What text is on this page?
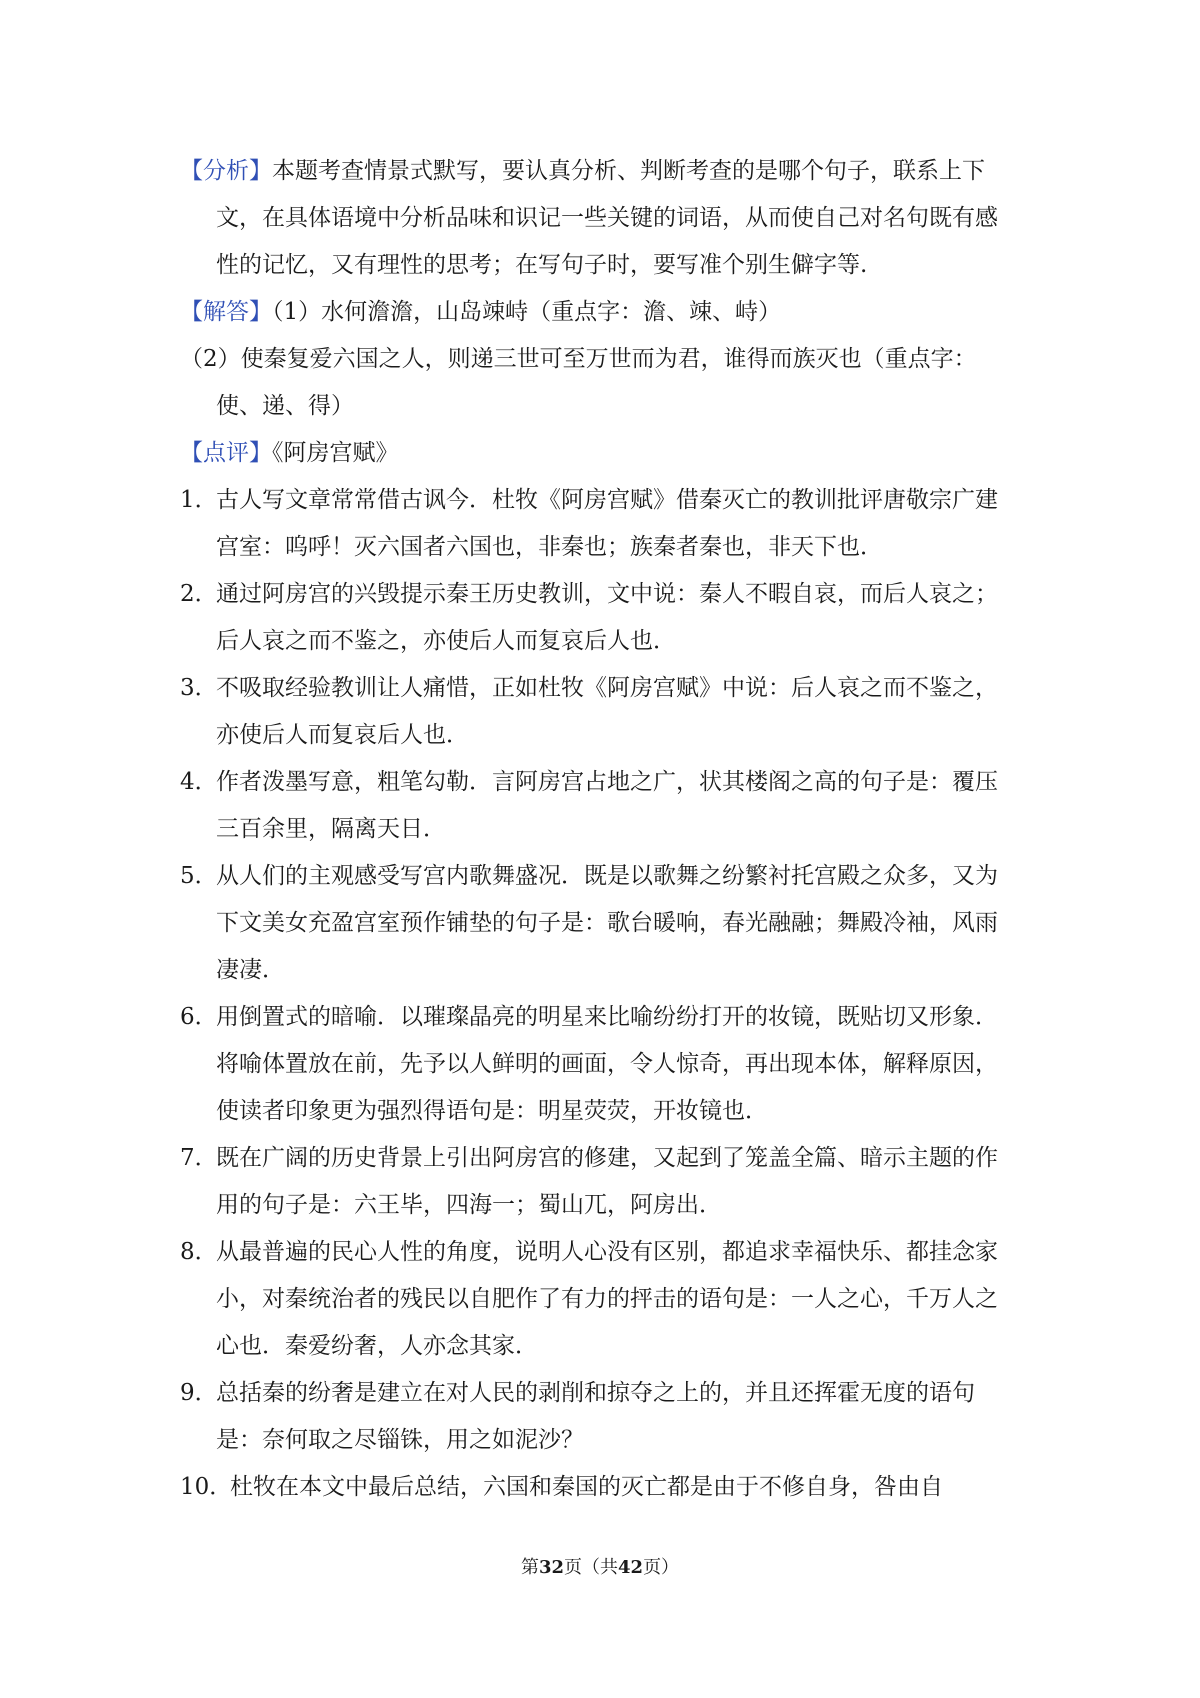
【分析】本题考查情景式默写，要认真分析、判断考查的是哪个句子，联系上下文，在具体语境中分析品味和识记一些关键的词语，从而使自己对名句既有感性的记忆，又有理性的思考；在写句子时，要写准个别生僻字等.

【解答】（1）水何澹澹，山岛竦峙（重点字：澹、竦、峙）

（2）使秦复爱六国之人，则递三世可至万世而为君，谁得而族灭也（重点字：使、递、得）

【点评】《阿房宫赋》

1．
古人写文章常常借古讽今．杜牧《阿房宫赋》借秦灭亡的教训批评唐敬宗广建宫室：呜呼！灭六国者六国也，非秦也；族秦者秦也，非天下也．
2．
通过阿房宫的兴毁提示秦王历史教训，文中说：秦人不暇自哀，而后人哀之；后人哀之而不鉴之，亦使后人而复哀后人也．
3．
不吸取经验教训让人痛惜，正如杜牧《阿房宫赋》中说：后人哀之而不鉴之，亦使后人而复哀后人也．
4．
作者泼墨写意，粗笔勾勒．言阿房宫占地之广，状其楼阁之高的句子是：覆压三百余里，隔离天日．
5．
从人们的主观感受写宫内歌舞盛况．既是以歌舞之纷繁衬托宫殿之众多，又为下文美女充盈宫室预作铺垫的句子是：歌台暖响，春光融融；舞殿冷袖，风雨凄凄．
6．
用倒置式的暗喻．以璀璨晶亮的明星来比喻纷纷打开的妆镜，既贴切又形象．将喻体置放在前，先予以人鲜明的画面，令人惊奇，再出现本体，解释原因，使读者印象更为强烈得语句是：明星荧荧，开妆镜也．
7．
既在广阔的历史背景上引出阿房宫的修建，又起到了笼盖全篇、暗示主题的作用的句子是：六王毕，四海一；蜀山兀，阿房出．
8．
从最普遍的民心人性的角度，说明人心没有区别，都追求幸福快乐、都挂念家小，对秦统治者的残民以自肥作了有力的抨击的语句是：一人之心，千万人之心也．秦爱纷奢，人亦念其家．
9．
总括秦的纷奢是建立在对人民的剥削和掠夺之上的，并且还挥霍无度的语句是：奈何取之尽锱铢，用之如泥沙？
10．
杜牧在本文中最后总结，六国和秦国的灭亡都是由于不修自身，咎由自
第32页（共42页）
